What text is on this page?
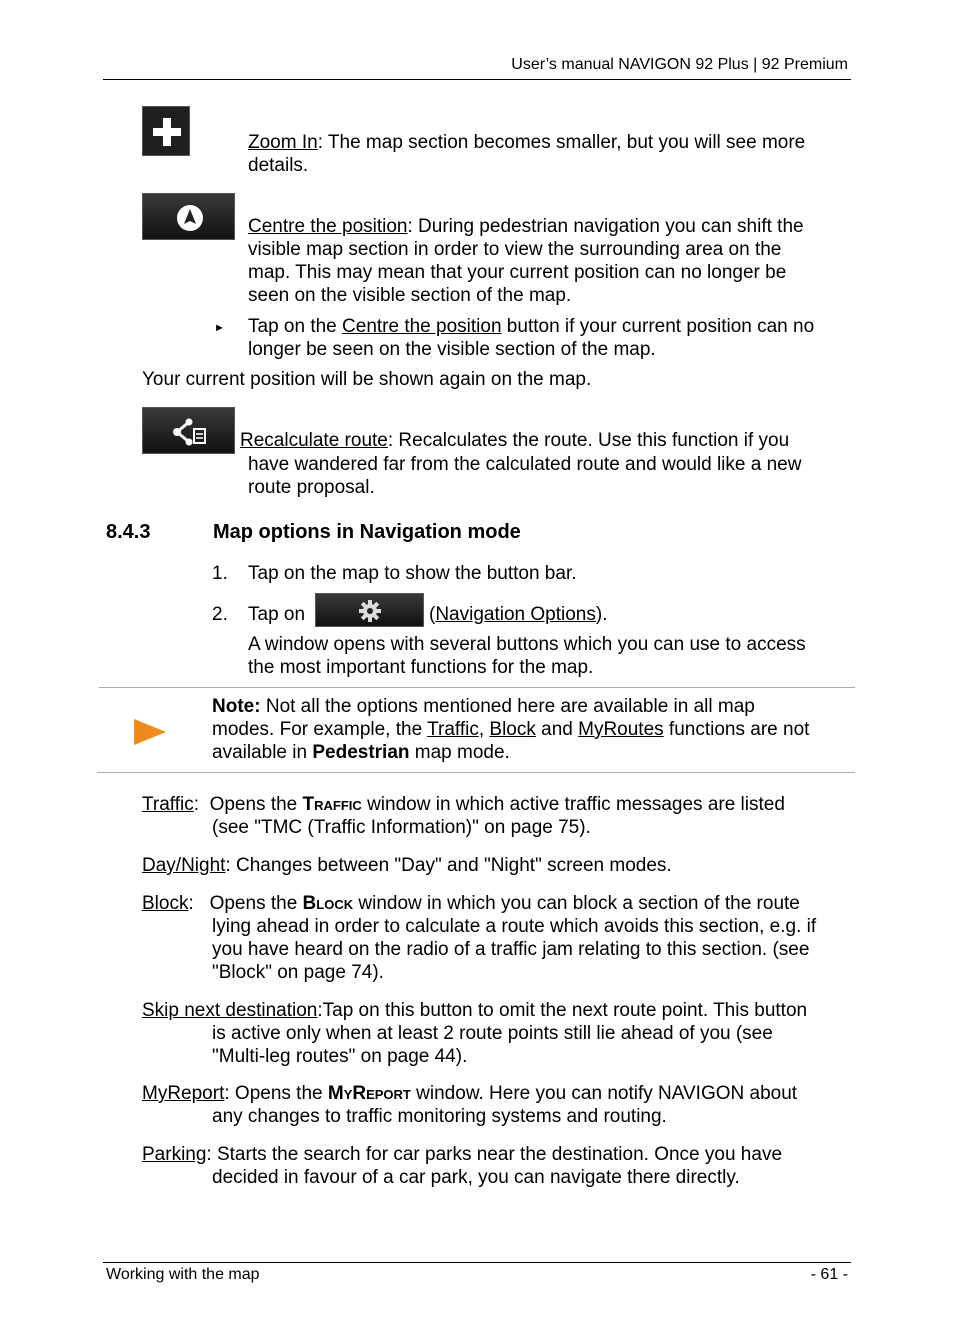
User’s manual NAVIGON 92 Plus | 92 Premium
Zoom In: The map section becomes smaller, but you will see more
details.
Centre the position: During pedestrian navigation you can shift the
visible map section in order to view the surrounding area on the
map. This may mean that your current position can no longer be
seen on the visible section of the map.
► Tap on the Centre the position button if your current position can no
longer be seen on the visible section of the map.
Your current position will be shown again on the map.
Recalculate route: Recalculates the route. Use this function if you
have wandered far from the calculated route and would like a new
route proposal.
8.4.3	Map options in Navigation mode
1. Tap on the map to show the button bar.
2. Tap on	(Navigation Options).
A window opens with several buttons which you can use to access
the most important functions for the map.
Note: Not all the options mentioned here are available in all map
modes. For example, the Traffic, Block and MyRoutes functions are not
available in Pedestrian map mode.
Traffic:  Opens the Traffic window in which active traffic messages are listed
(see "TMC (Traffic Information)" on page 75).
Day/Night: Changes between "Day" and "Night" screen modes.
Block:   Opens the Block window in which you can block a section of the route
lying ahead in order to calculate a route which avoids this section, e.g. if
you have heard on the radio of a traffic jam relating to this section. (see
"Block" on page 74).
Skip next destination:Tap on this button to omit the next route point. This button
is active only when at least 2 route points still lie ahead of you (see
"Multi-leg routes" on page 44).
MyReport: Opens the MyReport window. Here you can notify NAVIGON about
any changes to traffic monitoring systems and routing.
Parking: Starts the search for car parks near the destination. Once you have
decided in favour of a car park, you can navigate there directly.
Working with the map	- 61 -
